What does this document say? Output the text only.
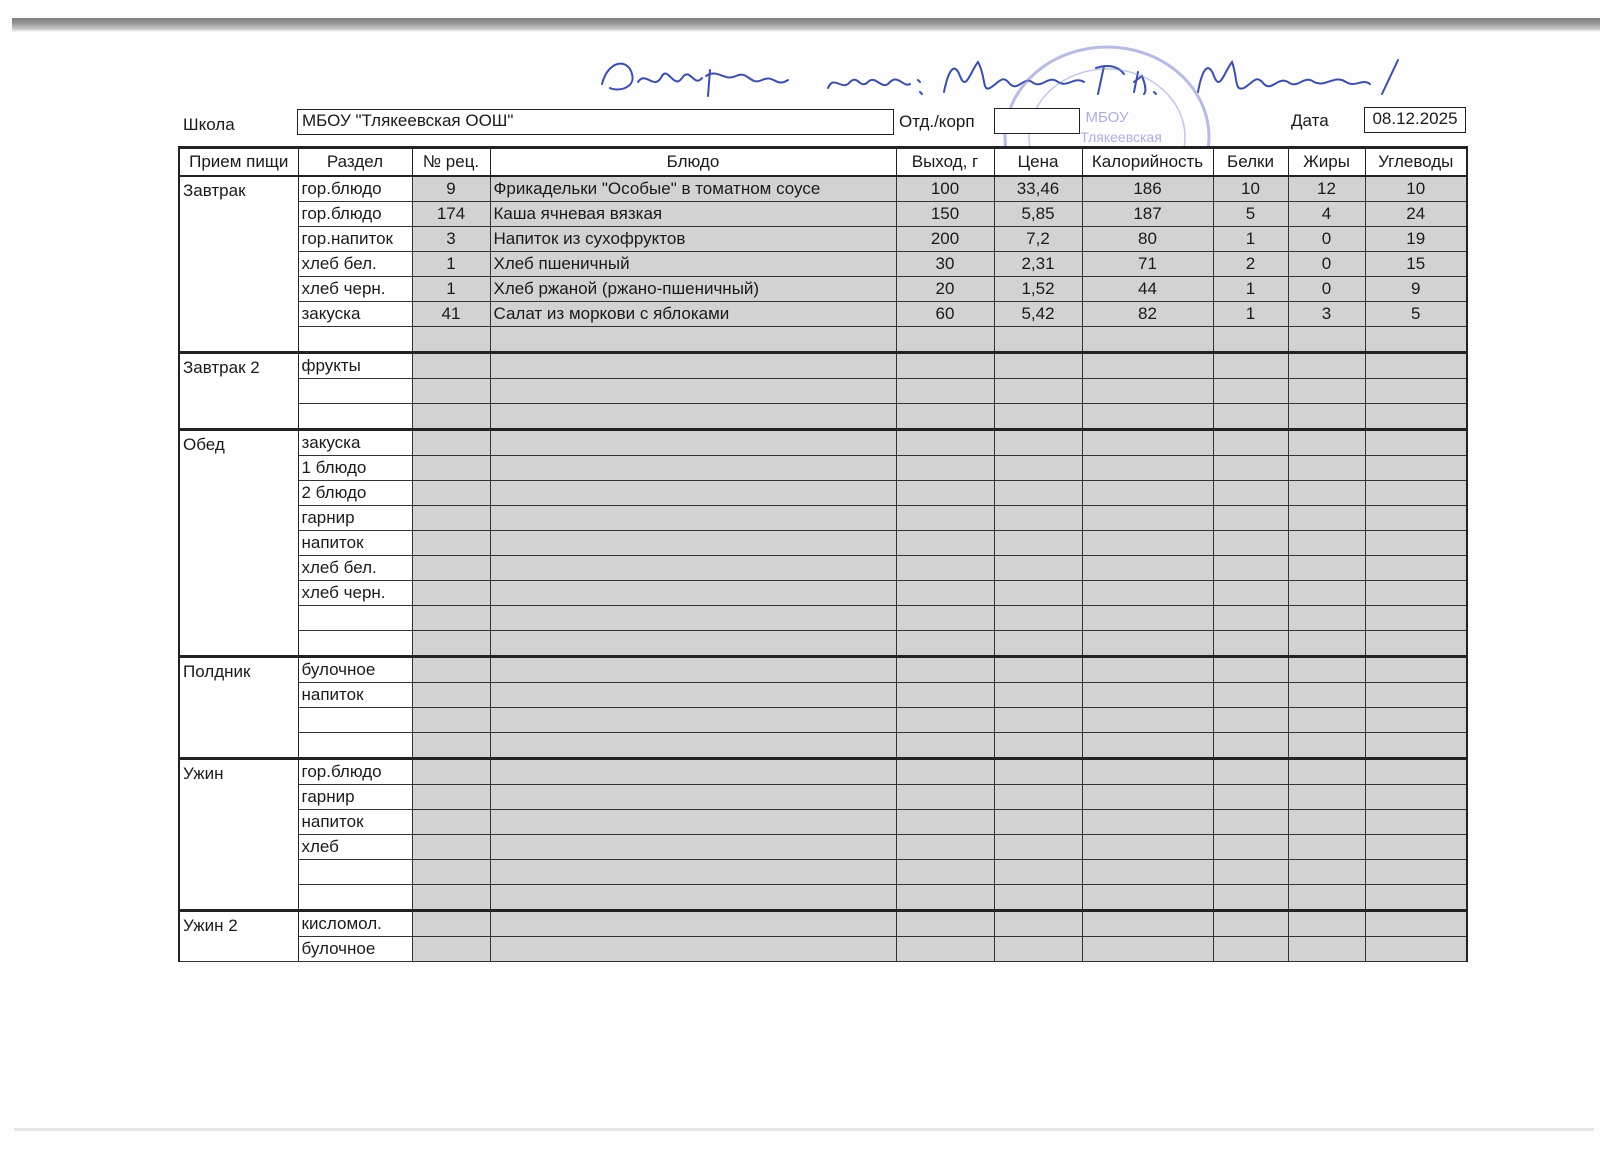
МБОУ
Тлякеевская
Школа	МБОУ "Тлякеевская ООШ"	Отд./корп	Дата	08.12.2025
Прием пищи	Раздел	№ рец.	Блюдо	Выход, г	Цена	Калорийность	Белки	Жиры	Углеводы
Завтрак	гор.блюдо	9	Фрикадельки "Особые" в томатном соусе	100	33,46	186	10	12	10
	гор.блюдо	174	Каша ячневая вязкая	150	5,85	187	5	4	24
	гор.напиток	3	Напиток из сухофруктов	200	7,2	80	1	0	19
	хлеб бел.	1	Хлеб пшеничный	30	2,31	71	2	0	15
	хлеб черн.	1	Хлеб ржаной (ржано-пшеничный)	20	1,52	44	1	0	9
	закуска	41	Салат из моркови с яблоками	60	5,42	82	1	3	5

Завтрак 2	фрукты								

Обед	закуска								
	1 блюдо								
	2 блюдо								
	гарнир								
	напиток								
	хлеб бел.								
	хлеб черн.								

Полдник	булочное								
	напиток								

Ужин	гор.блюдо								
	гарнир								
	напиток								
	хлеб								

Ужин 2	кисломол.								
	булочное								
